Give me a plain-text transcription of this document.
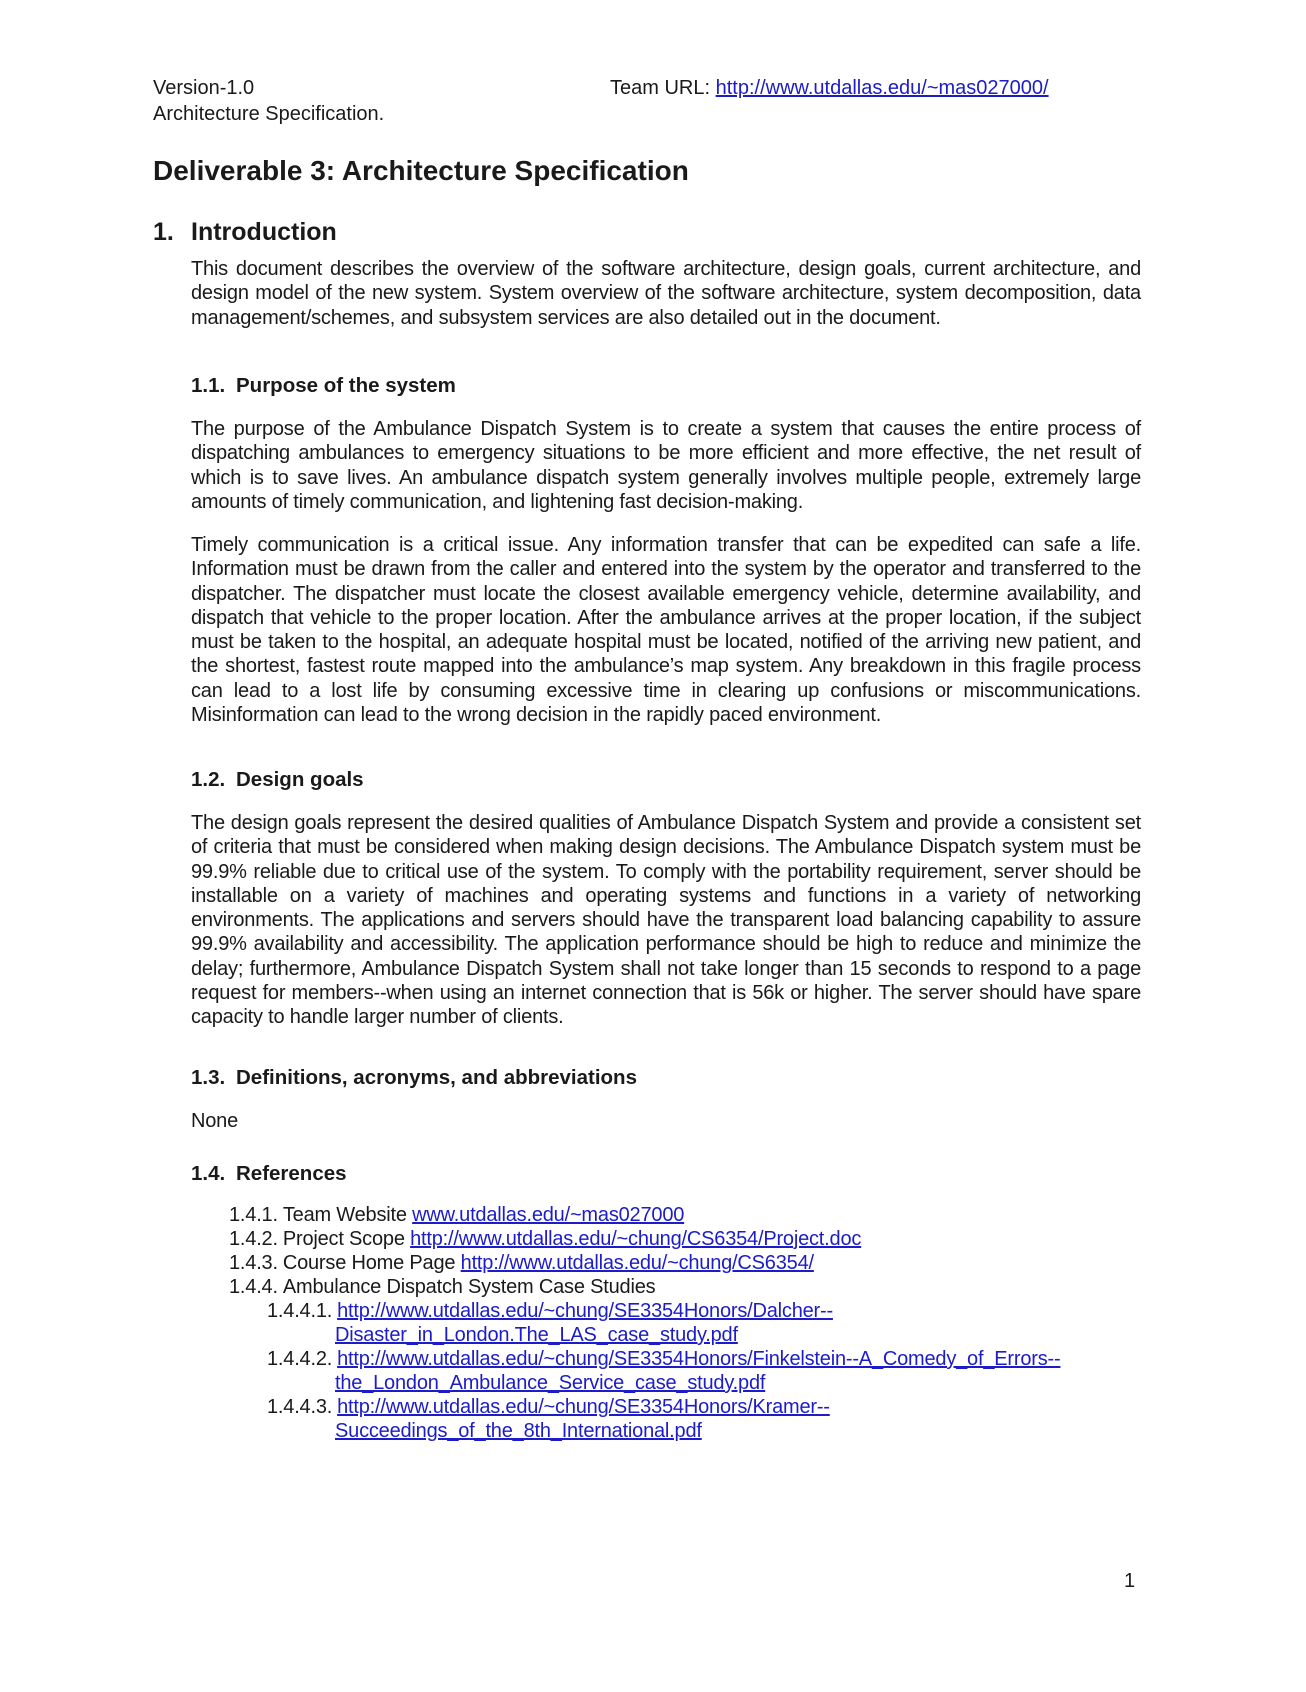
Version-1.0
Architecture Specification.
Team URL: http://www.utdallas.edu/~mas027000/
Deliverable 3: Architecture Specification
1. Introduction

This document describes the overview of the software architecture, design goals, current architecture, and design model of the new system. System overview of the software architecture, system decomposition, data management/schemes, and subsystem services are also detailed out in the document.

1.1. Purpose of the system

The purpose of the Ambulance Dispatch System is to create a system that causes the entire process of dispatching ambulances to emergency situations to be more efficient and more effective, the net result of which is to save lives. An ambulance dispatch system generally involves multiple people, extremely large amounts of timely communication, and lightening fast decision-making.

Timely communication is a critical issue. Any information transfer that can be expedited can safe a life. Information must be drawn from the caller and entered into the system by the operator and transferred to the dispatcher. The dispatcher must locate the closest available emergency vehicle, determine availability, and dispatch that vehicle to the proper location. After the ambulance arrives at the proper location, if the subject must be taken to the hospital, an adequate hospital must be located, notified of the arriving new patient, and the shortest, fastest route mapped into the ambulance’s map system. Any breakdown in this fragile process can lead to a lost life by consuming excessive time in clearing up confusions or miscommunications. Misinformation can lead to the wrong decision in the rapidly paced environment.

1.2. Design goals

The design goals represent the desired qualities of Ambulance Dispatch System and provide a consistent set of criteria that must be considered when making design decisions. The Ambulance Dispatch system must be 99.9% reliable due to critical use of the system. To comply with the portability requirement, server should be installable on a variety of machines and operating systems and functions in a variety of networking environments. The applications and servers should have the transparent load balancing capability to assure 99.9% availability and accessibility. The application performance should be high to reduce and minimize the delay; furthermore, Ambulance Dispatch System shall not take longer than 15 seconds to respond to a page request for members--when using an internet connection that is 56k or higher. The server should have spare capacity to handle larger number of clients.

1.3. Definitions, acronyms, and abbreviations

None

1.4. References
1.4.1. Team Website www.utdallas.edu/~mas027000
1.4.2. Project Scope http://www.utdallas.edu/~chung/CS6354/Project.doc
1.4.3. Course Home Page http://www.utdallas.edu/~chung/CS6354/
1.4.4. Ambulance Dispatch System Case Studies
1.4.4.1. http://www.utdallas.edu/~chung/SE3354Honors/Dalcher--
Disaster_in_London.The_LAS_case_study.pdf
1.4.4.2. http://www.utdallas.edu/~chung/SE3354Honors/Finkelstein--A_Comedy_of_Errors--
the_London_Ambulance_Service_case_study.pdf
1.4.4.3. http://www.utdallas.edu/~chung/SE3354Honors/Kramer--
Succeedings_of_the_8th_International.pdf
1
